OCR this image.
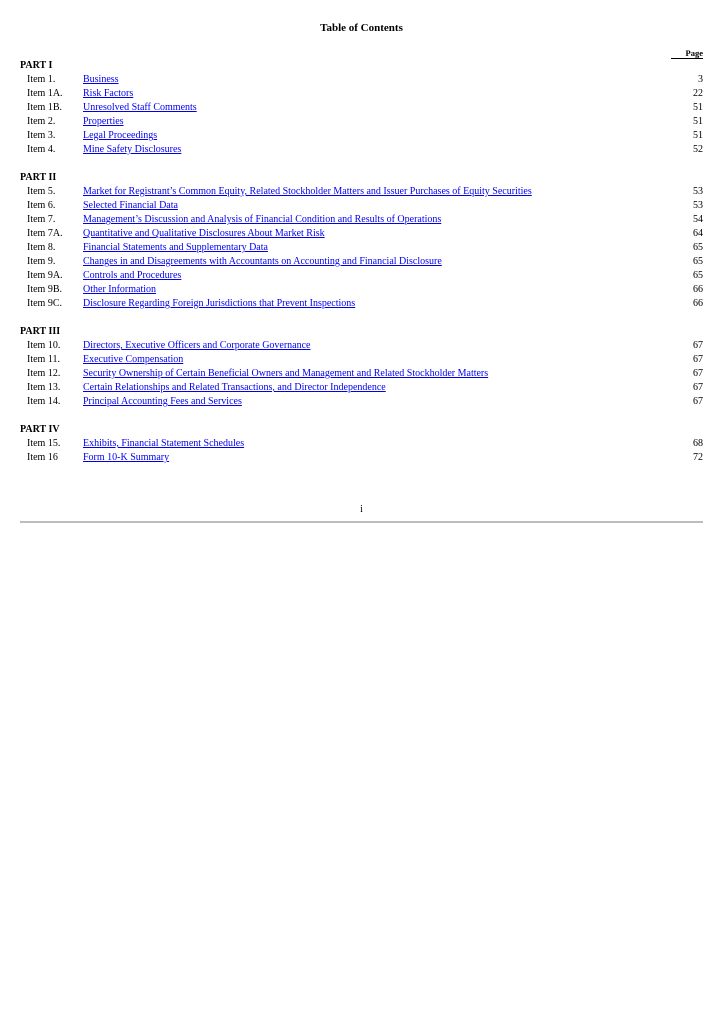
Table of Contents
Page
PART I
Item 1.	Business	3
Item 1A. Risk Factors	22
Item 1B. Unresolved Staff Comments	51
Item 2.	Properties	51
Item 3.	Legal Proceedings	51
Item 4.	Mine Safety Disclosures	52
PART II
Item 5.	Market for Registrant’s Common Equity, Related Stockholder Matters and Issuer Purchases of Equity Securities	53
Item 6.	Selected Financial Data	53
Item 7.	Management’s Discussion and Analysis of Financial Condition and Results of Operations	54
Item 7A. Quantitative and Qualitative Disclosures About Market Risk	64
Item 8.	Financial Statements and Supplementary Data	65
Item 9.	Changes in and Disagreements with Accountants on Accounting and Financial Disclosure	65
Item 9A. Controls and Procedures	65
Item 9B. Other Information	66
Item 9C. Disclosure Regarding Foreign Jurisdictions that Prevent Inspections	66
PART III
Item 10. Directors, Executive Officers and Corporate Governance	67
Item 11. Executive Compensation	67
Item 12. Security Ownership of Certain Beneficial Owners and Management and Related Stockholder Matters	67
Item 13. Certain Relationships and Related Transactions, and Director Independence	67
Item 14. Principal Accounting Fees and Services	67
PART IV
Item 15. Exhibits, Financial Statement Schedules	68
Item 16	Form 10-K Summary	72
i
